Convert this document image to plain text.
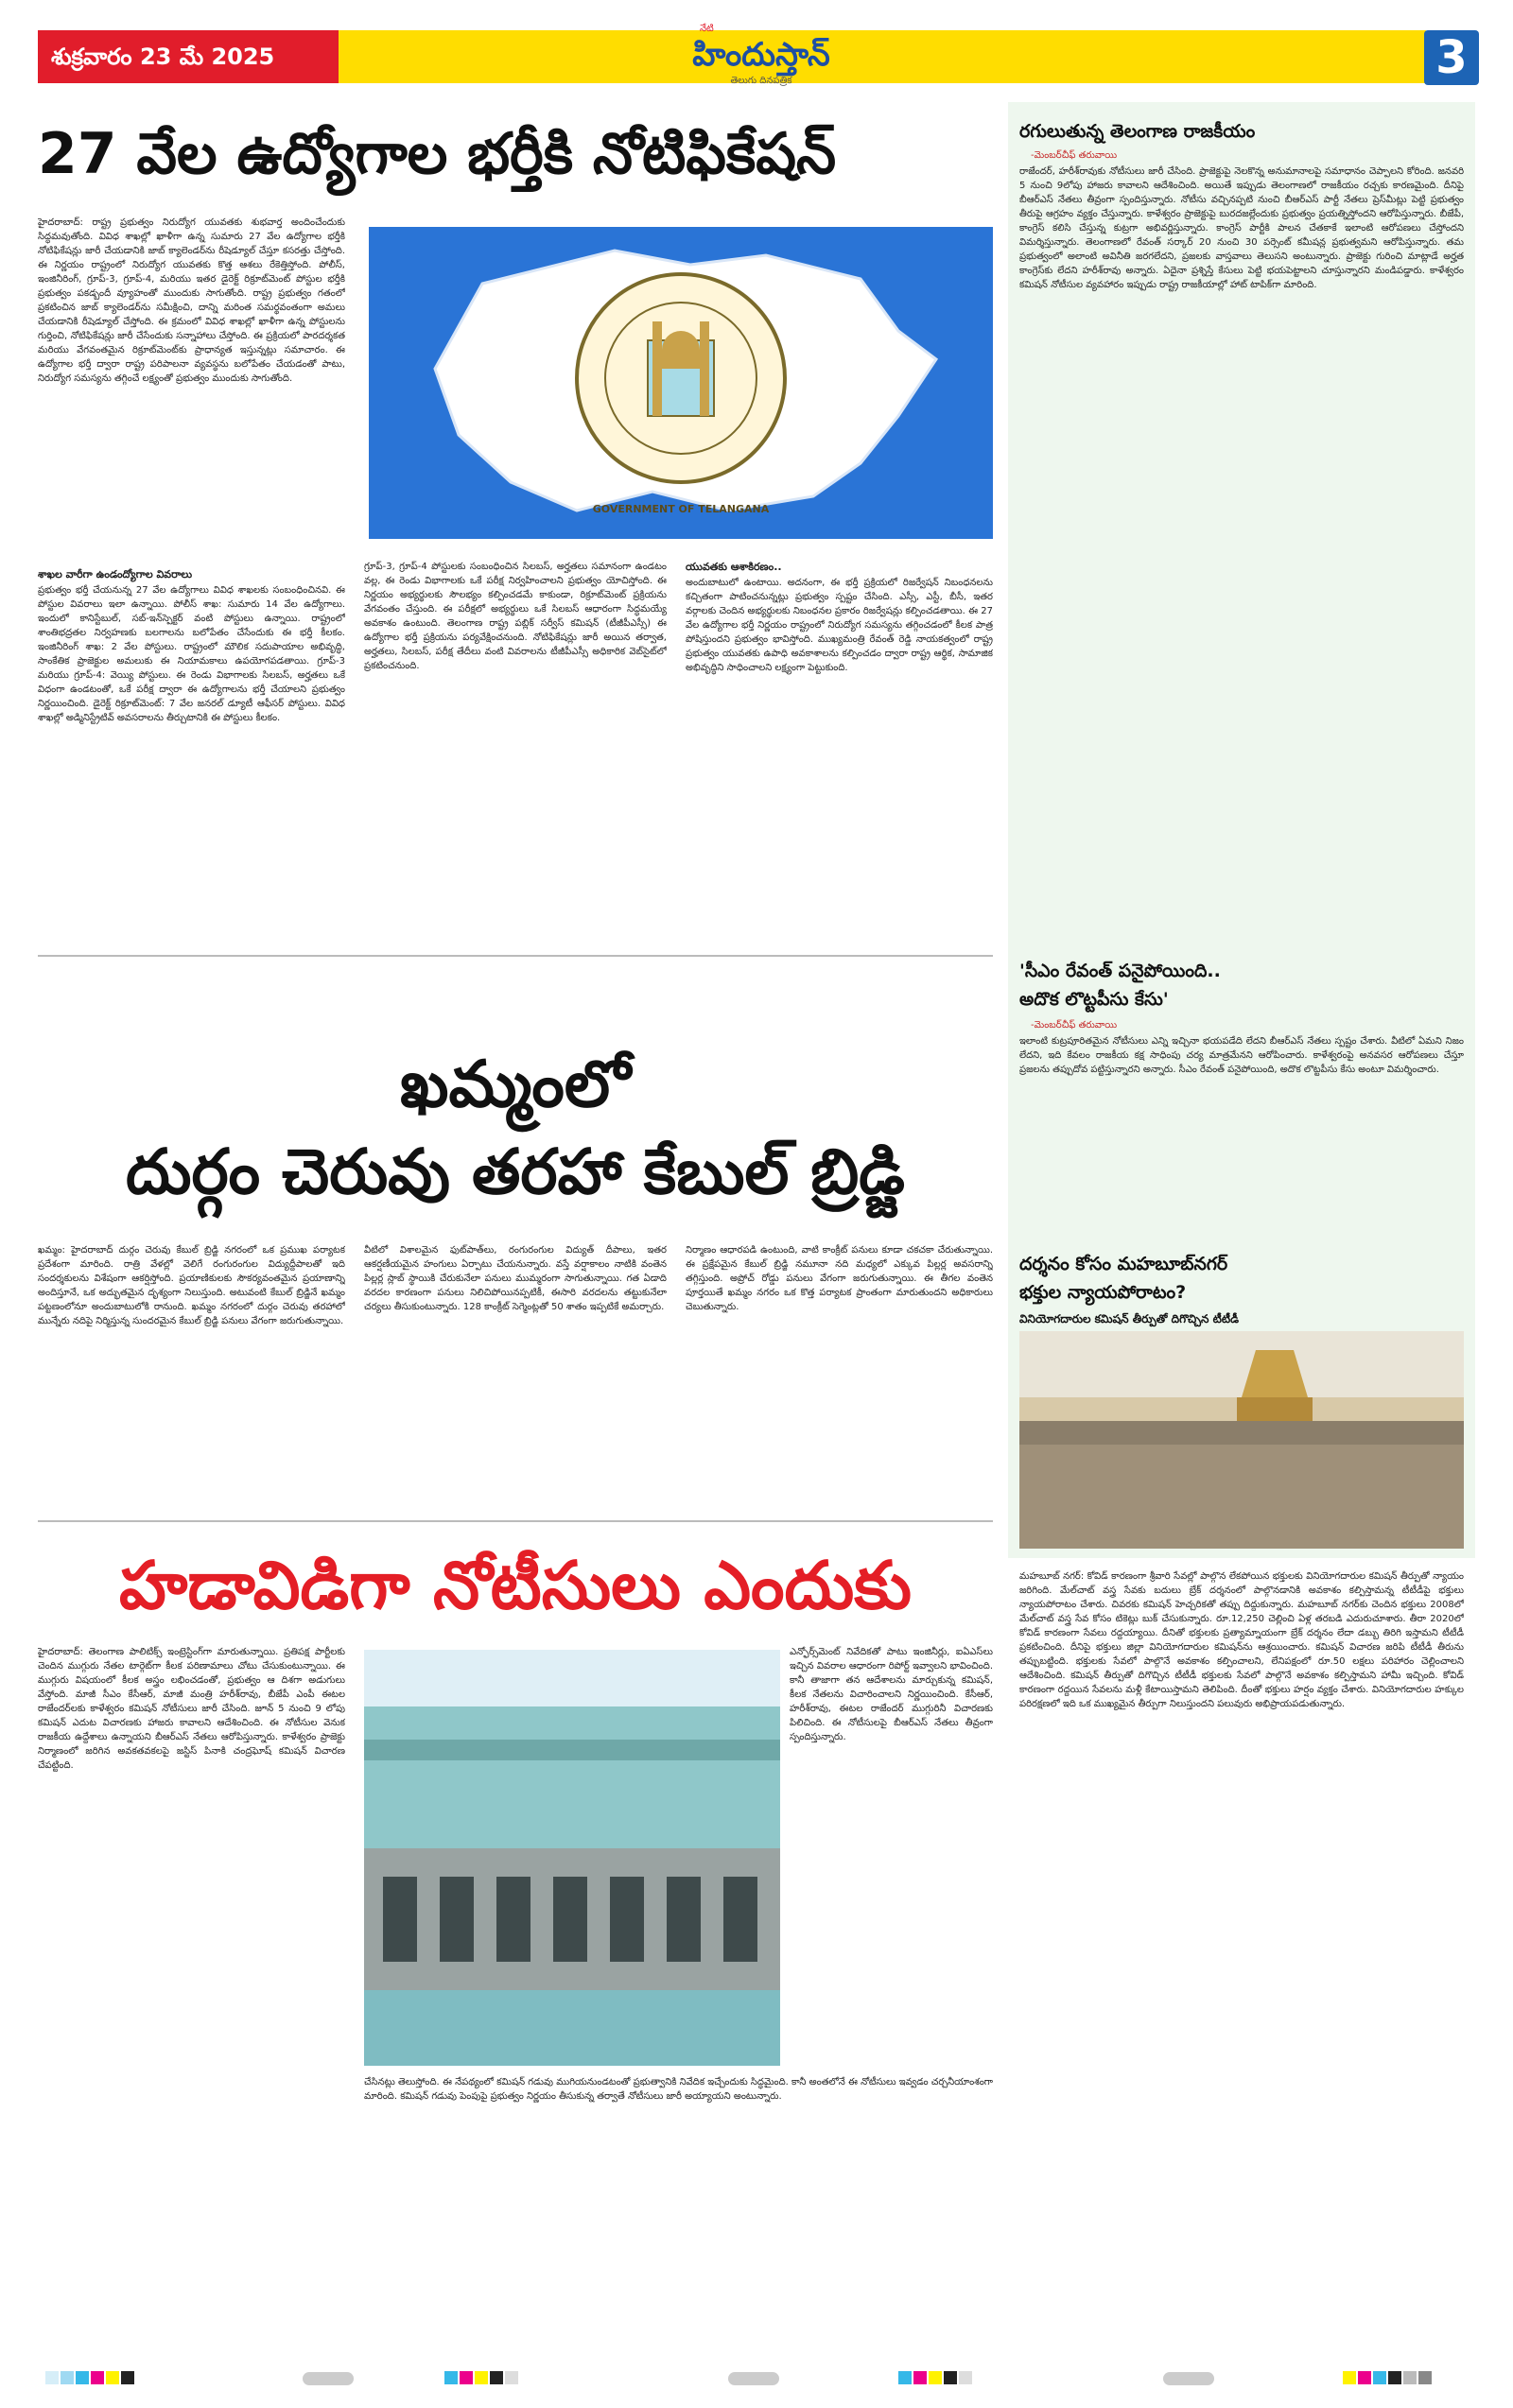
శుక్రవారం 23 మే 2025
నేటి
హిందుస్తాన్
తెలుగు దినపత్రిక	3
27 వేల ఉద్యోగాల భర్తీకి నోటిఫికేషన్

హైదరాబాద్: రాష్ట్ర ప్రభుత్వం నిరుద్యోగ యువతకు శుభవార్త అందించేందుకు సిద్ధమవుతోంది. వివిధ శాఖల్లో ఖాళీగా ఉన్న సుమారు 27 వేల ఉద్యోగాల భర్తీకి నోటిఫికేషన్లు జారీ చేయడానికి జాబ్ క్యాలెండర్‌ను రీషెడ్యూల్ చేస్తూ కసరత్తు చేస్తోంది. ఈ నిర్ణయం రాష్ట్రంలో నిరుద్యోగ యువతకు కొత్త ఆశలు రేకెత్తిస్తోంది. పోలీస్, ఇంజినీరింగ్, గ్రూప్-3, గ్రూప్-4, మరియు ఇతర డైరెక్ట్ రిక్రూట్‌మెంట్ పోస్టుల భర్తీకి ప్రభుత్వం పకడ్బందీ వ్యూహంతో ముందుకు సాగుతోంది. రాష్ట్ర ప్రభుత్వం గతంలో ప్రకటించిన జాబ్ క్యాలెండర్‌ను సమీక్షించి, దాన్ని మరింత సమర్థవంతంగా అమలు చేయడానికి రీషెడ్యూల్ చేస్తోంది. ఈ క్రమంలో వివిధ శాఖల్లో ఖాళీగా ఉన్న పోస్టులను గుర్తించి, నోటిఫికేషన్లు జారీ చేసేందుకు సన్నాహాలు చేస్తోంది. ఈ ప్రక్రియలో పారదర్శకత మరియు వేగవంతమైన రిక్రూట్‌మెంట్‌కు ప్రాధాన్యత ఇస్తున్నట్లు సమాచారం. ఈ ఉద్యోగాల భర్తీ ద్వారా రాష్ట్ర పరిపాలనా వ్యవస్థను బలోపేతం చేయడంతో పాటు, నిరుద్యోగ సమస్యను తగ్గించే లక్ష్యంతో ప్రభుత్వం ముందుకు సాగుతోంది.

GOVERNMENT OF TELANGANA

శాఖల వారీగా ఉండంద్యోగాల వివరాలు

ప్రభుత్వం భర్తీ చేయనున్న 27 వేల ఉద్యోగాలు వివిధ శాఖలకు సంబంధించినవి. ఈ పోస్టుల వివరాలు ఇలా ఉన్నాయి. పోలీస్ శాఖ: సుమారు 14 వేల ఉద్యోగాలు. ఇందులో కానిస్టేబుల్, సబ్-ఇన్‌స్పెక్టర్ వంటి పోస్టులు ఉన్నాయి. రాష్ట్రంలో శాంతిభద్రతల నిర్వహణకు బలగాలను బలోపేతం చేసేందుకు ఈ భర్తీ కీలకం. ఇంజినీరింగ్ శాఖ: 2 వేల పోస్టులు. రాష్ట్రంలో మౌలిక సదుపాయాల అభివృద్ధి, సాంకేతిక ప్రాజెక్టుల అమలుకు ఈ నియామకాలు ఉపయోగపడతాయి. గ్రూప్-3 మరియు గ్రూప్-4: వెయ్యి పోస్టులు. ఈ రెండు విభాగాలకు సిలబస్, అర్హతలు ఒకే విధంగా ఉండటంతో, ఒకే పరీక్ష ద్వారా ఈ ఉద్యోగాలను భర్తీ చేయాలని ప్రభుత్వం నిర్ణయించింది. డైరెక్ట్ రిక్రూట్‌మెంట్: 7 వేల జనరల్ డ్యూటీ ఆఫీసర్ పోస్టులు. వివిధ శాఖల్లో అడ్మినిస్ట్రేటివ్ అవసరాలను తీర్చుటానికి ఈ పోస్టులు కీలకం.

గ్రూప్-3, గ్రూప్-4 పోస్టులకు సంబంధించిన సిలబస్, అర్హతలు సమానంగా ఉండటం వల్ల, ఈ రెండు విభాగాలకు ఒకే పరీక్ష నిర్వహించాలని ప్రభుత్వం యోచిస్తోంది. ఈ నిర్ణయం అభ్యర్థులకు సౌలభ్యం కల్పించడమే కాకుండా, రిక్రూట్‌మెంట్ ప్రక్రియను వేగవంతం చేస్తుంది. ఈ పరీక్షలో అభ్యర్థులు ఒకే సిలబస్ ఆధారంగా సిద్ధమయ్యే అవకాశం ఉంటుంది. తెలంగాణ రాష్ట్ర పబ్లిక్ సర్వీస్ కమిషన్ (టీజీపీఎస్సీ) ఈ ఉద్యోగాల భర్తీ ప్రక్రియను పర్యవేక్షించనుంది. నోటిఫికేషన్లు జారీ అయిన తర్వాత, అర్హతలు, సిలబస్, పరీక్ష తేదీలు వంటి వివరాలను టీజీపీఎస్సీ అధికారిక వెబ్‌సైట్‌లో ప్రకటించనుంది.

యువతకు ఆశాకిరణం..

అందుబాటులో ఉంటాయి. అదనంగా, ఈ భర్తీ ప్రక్రియలో రిజర్వేషన్ నిబంధనలను కచ్చితంగా పాటించనున్నట్లు ప్రభుత్వం స్పష్టం చేసింది. ఎస్సీ, ఎస్టీ, బీసీ, ఇతర వర్గాలకు చెందిన అభ్యర్థులకు నిబంధనల ప్రకారం రిజర్వేషన్లు కల్పించడతాయి. ఈ 27 వేల ఉద్యోగాల భర్తీ నిర్ణయం రాష్ట్రంలో నిరుద్యోగ సమస్యను తగ్గించడంలో కీలక పాత్ర పోషిస్తుందని ప్రభుత్వం భావిస్తోంది. ముఖ్యమంత్రి రేవంత్ రెడ్డి నాయకత్వంలో రాష్ట్ర ప్రభుత్వం యువతకు ఉపాధి అవకాశాలను కల్పించడం ద్వారా రాష్ట్ర ఆర్థిక, సామాజిక అభివృద్ధిని సాధించాలని లక్ష్యంగా పెట్టుకుంది.

ఖమ్మంలో
దుర్గం చెరువు తరహా కేబుల్ బ్రిడ్జి

ఖమ్మం: హైదరాబాద్ దుర్గం చెరువు కేబుల్ బ్రిడ్జి నగరంలో ఒక ప్రముఖ పర్యాటక ప్రదేశంగా మారింది. రాత్రి వేళల్లో వెలిగే రంగురంగుల విద్యుద్దీపాలతో ఇది సందర్శకులను విశేషంగా ఆకర్షిస్తోంది. ప్రయాణికులకు సౌకర్యవంతమైన ప్రయాణాన్ని అందిస్తూనే, ఒక అద్భుతమైన దృశ్యంగా నిలుస్తుంది. అటువంటి కేబుల్ బ్రిడ్జినే ఖమ్మం పట్టణంలోనూ అందుబాటులోకి రానుంది. ఖమ్మం నగరంలో దుర్గం చెరువు తరహాలో మున్నేరు నదిపై నిర్మిస్తున్న సుందరమైన కేబుల్ బ్రిడ్జి పనులు వేగంగా జరుగుతున్నాయి.

వీటిలో విశాలమైన ఫుట్‌పాత్‌లు, రంగురంగుల విద్యుత్ దీపాలు, ఇతర ఆకర్షణీయమైన హంగులు ఏర్పాటు చేయనున్నారు. వస్తే వర్షాకాలం నాటికి వంతెన పిల్లర్ల స్లాబ్ స్థాయికి చేరుకునేలా పనులు ముమ్మరంగా సాగుతున్నాయి. గత ఏడాది వరదల కారణంగా పనులు నిలిచిపోయినప్పటికీ, ఈసారి వరదలను తట్టుకునేలా చర్యలు తీసుకుంటున్నారు. 128 కాంక్రీట్ సెగ్మెంట్లతో 50 శాతం ఇప్పటికే అమర్చారు.

నిర్మాణం ఆధారపడి ఉంటుంది, వాటి కాంక్రీట్ పనులు కూడా చకచకా చేరుతున్నాయి. ఈ ప్రక్షేపమైన కేబుల్ బ్రిడ్జి నమూనా నది మధ్యలో ఎక్కువ పిల్లర్ల అవసరాన్ని తగ్గిస్తుంది. అప్రోచ్ రోడ్డు పనులు వేగంగా జరుగుతున్నాయి. ఈ తీగల వంతెన పూర్తయితే ఖమ్మం నగరం ఒక కొత్త పర్యాటక ప్రాంతంగా మారుతుందని అధికారులు చెబుతున్నారు.

హడావిడిగా నోటీసులు ఎందుకు

హైదరాబాద్: తెలంగాణ పాలిటిక్స్ ఇంట్రెస్టింగ్‌గా మారుతున్నాయి. ప్రతిపక్ష పార్టీలకు చెందిన ముగ్గురు నేతల టార్గెట్‌గా కీలక పరిణామాలు చోటు చేసుకుంటున్నాయి. ఈ ముగ్గురు విషయంలో కీలక అస్త్రం లభించడంతో, ప్రభుత్వం ఆ దిశగా అడుగులు వేస్తోంది. మాజీ సీఎం కేసీఆర్, మాజీ మంత్రి హరీశ్‌రావు, బీజేపీ ఎంపీ ఈటల రాజేందర్‌లకు కాళేశ్వరం కమిషన్ నోటీసులు జారీ చేసింది. జూన్ 5 నుంచి 9 లోపు కమిషన్ ఎదుట విచారణకు హాజరు కావాలని ఆదేశించింది. ఈ నోటీసుల వెనుక రాజకీయ ఉద్దేశాలు ఉన్నాయని బీఆర్ఎస్ నేతలు ఆరోపిస్తున్నారు. కాళేశ్వరం ప్రాజెక్టు నిర్మాణంలో జరిగిన అవకతవకలపై జస్టిస్ పినాకి చంద్రఘోష్ కమిషన్ విచారణ చేపట్టింది.

ఎన్ఫోర్స్‌మెంట్ నివేదికతో పాటు ఇంజినీర్లు, ఐఏఎస్‌లు ఇచ్చిన వివరాల ఆధారంగా రిపోర్ట్ ఇవ్వాలని భావించింది. కానీ తాజాగా తన ఆదేశాలను మార్చుకున్న కమిషన్, కీలక నేతలను విచారించాలని నిర్ణయించింది. కేసీఆర్, హరీశ్‌రావు, ఈటల రాజేందర్ ముగ్గురినీ విచారణకు పిలిచింది. ఈ నోటీసులపై బీఆర్ఎస్ నేతలు తీవ్రంగా స్పందిస్తున్నారు.

చేసినట్లు తెలుస్తోంది. ఈ నేపథ్యంలో కమిషన్ గడువు ముగియనుండటంతో ప్రభుత్వానికి నివేదిక ఇచ్చేందుకు సిద్ధమైంది. కానీ అంతలోనే ఈ నోటీసులు ఇవ్వడం చర్చనీయాంశంగా మారింది. కమిషన్ గడువు పెంపుపై ప్రభుత్వం నిర్ణయం తీసుకున్న తర్వాతే నోటీసులు జారీ అయ్యాయని అంటున్నారు.

రగులుతున్న తెలంగాణ రాజకీయం
-మెంబర్‌చీఫ్ తరువాయి

రాజేందర్, హరీశ్‌రావుకు నోటీసులు జారీ చేసింది. ప్రాజెక్టుపై నెలకొన్న అనుమానాలపై సమాధానం చెప్పాలని కోరింది. జనవరి 5 నుంచి 9లోపు హాజరు కావాలని ఆదేశించింది. అయితే ఇప్పుడు తెలంగాణలో రాజకీయం రచ్చకు కారణమైంది. దీనిపై బీఆర్ఎస్ నేతలు తీవ్రంగా స్పందిస్తున్నారు. నోటీసు వచ్చినప్పటి నుంచి బీఆర్ఎస్ పార్టీ నేతలు ప్రెస్‌మీట్లు పెట్టి ప్రభుత్వం తీరుపై ఆగ్రహం వ్యక్తం చేస్తున్నారు. కాళేశ్వరం ప్రాజెక్టుపై బురదజల్లేందుకు ప్రభుత్వం ప్రయత్నిస్తోందని ఆరోపిస్తున్నారు. బీజేపీ, కాంగ్రెస్ కలిసి చేస్తున్న కుట్రగా అభివర్ణిస్తున్నారు. కాంగ్రెస్ పార్టీకి పాలన చేతకాకే ఇలాంటి ఆరోపణలు చేస్తోందని విమర్శిస్తున్నారు. తెలంగాణలో రేవంత్ సర్కార్ 20 నుంచి 30 పర్సెంట్ కమీషన్ల ప్రభుత్వమని ఆరోపిస్తున్నారు. తమ ప్రభుత్వంలో అలాంటి అవినీతి జరగలేదని, ప్రజలకు వాస్తవాలు తెలుసని అంటున్నారు. ప్రాజెక్టు గురించి మాట్లాడే అర్హత కాంగ్రెస్‌కు లేదని హరీశ్‌రావు అన్నారు. ఏదైనా ప్రశ్నిస్తే కేసులు పెట్టి భయపెట్టాలని చూస్తున్నారని మండిపడ్డారు. కాళేశ్వరం కమిషన్ నోటీసుల వ్యవహారం ఇప్పుడు రాష్ట్ర రాజకీయాల్లో హాట్ టాపిక్‌గా మారింది.

'సీఎం రేవంత్ పనైపోయింది..
అదొక లొట్టపీసు కేసు'
-మెంబర్‌చీఫ్ తరువాయి

ఇలాంటి కుట్రపూరితమైన నోటీసులు ఎన్ని ఇచ్చినా భయపడేది లేదని బీఆర్ఎస్ నేతలు స్పష్టం చేశారు. వీటిలో ఏమని నిజం లేదని, ఇది కేవలం రాజకీయ కక్ష సాధింపు చర్య మాత్రమేనని ఆరోపించారు. కాళేశ్వరంపై అనవసర ఆరోపణలు చేస్తూ ప్రజలను తప్పుదోవ పట్టిస్తున్నారని అన్నారు. సీఎం రేవంత్ పనైపోయింది, అదొక లొట్టపీసు కేసు అంటూ విమర్శించారు.

దర్శనం కోసం మహబూబ్‌నగర్
భక్తుల న్యాయపోరాటం?
వినియోగదారుల కమిషన్ తీర్పుతో దిగొచ్చిన టీటీడీ

మహబూబ్ నగర్: కోవిడ్ కారణంగా శ్రీవారి సేవల్లో పాల్గొన లేకపోయిన భక్తులకు వినియోగదారుల కమిషన్ తీర్పుతో న్యాయం జరిగింది. మేల్‌చాట్ వస్త్ర సేవకు బదులు బ్రేక్ దర్శనంలో పాల్గొనడానికి అవకాశం కల్పిస్తామన్న టీటీడీపై భక్తులు న్యాయపోరాటం చేశారు. చివరకు కమిషన్ హెచ్చరికతో తప్పు దిద్దుకున్నారు. మహబూబ్ నగర్‌కు చెందిన భక్తులు 2008లో మేల్‌చాట్ వస్త్ర సేవ కోసం టికెట్లు బుక్ చేసుకున్నారు. రూ.12,250 చెల్లించి ఏళ్ల తరబడి ఎదురుచూశారు. తీరా 2020లో కోవిడ్ కారణంగా సేవలు రద్దయ్యాయి. దీనితో భక్తులకు ప్రత్యామ్నాయంగా బ్రేక్ దర్శనం లేదా డబ్బు తిరిగి ఇస్తామని టీటీడీ ప్రకటించింది. దీనిపై భక్తులు జిల్లా వినియోగదారుల కమిషన్‌ను ఆశ్రయించారు. కమిషన్ విచారణ జరిపి టీటీడీ తీరును తప్పుబట్టింది. భక్తులకు సేవలో పాల్గొనే అవకాశం కల్పించాలని, లేనిపక్షంలో రూ.50 లక్షలు పరిహారం చెల్లించాలని ఆదేశించింది. కమిషన్ తీర్పుతో దిగొచ్చిన టీటీడీ భక్తులకు సేవలో పాల్గొనే అవకాశం కల్పిస్తామని హామీ ఇచ్చింది. కోవిడ్ కారణంగా రద్దయిన సేవలను మళ్లీ కేటాయిస్తామని తెలిపింది. దీంతో భక్తులు హర్షం వ్యక్తం చేశారు. వినియోగదారుల హక్కుల పరిరక్షణలో ఇది ఒక ముఖ్యమైన తీర్పుగా నిలుస్తుందని పలువురు అభిప్రాయపడుతున్నారు.
